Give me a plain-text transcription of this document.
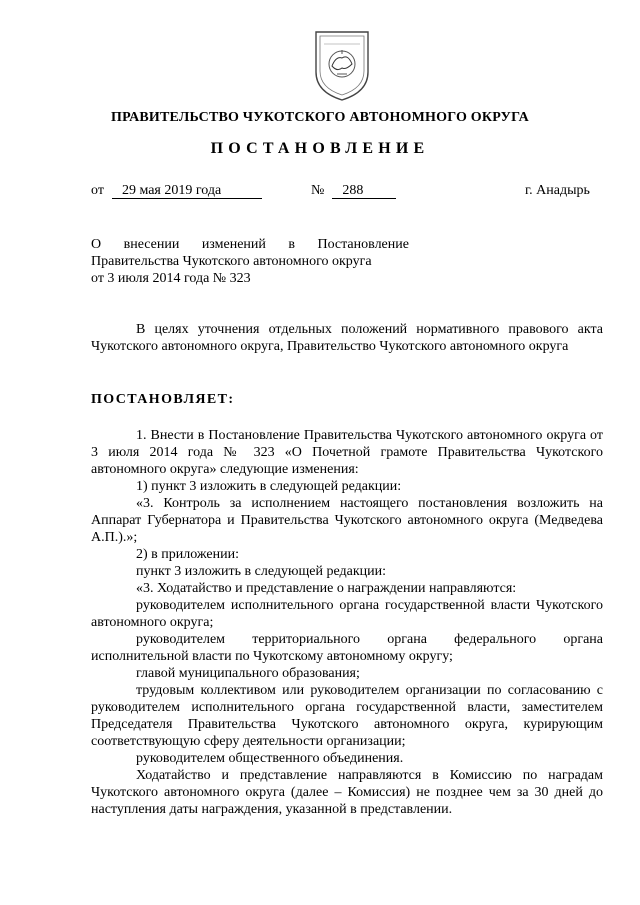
ПРАВИТЕЛЬСТВО ЧУКОТСКОГО АВТОНОМНОГО ОКРУГА
ПОСТАНОВЛЕНИЕ
от 29 мая 2019 года	№ 288	г. Анадырь
О внесении изменений в Постановление
Правительства Чукотского автономного округа
от 3 июля 2014 года № 323
В целях уточнения отдельных положений нормативного правового акта Чукотского автономного округа, Правительство Чукотского автономного округа
ПОСТАНОВЛЯЕТ:

1. Внести в Постановление Правительства Чукотского автономного округа от 3 июля 2014 года № 323 «О Почетной грамоте Правительства Чукотского автономного округа» следующие изменения:

1) пункт 3 изложить в следующей редакции:

«3. Контроль за исполнением настоящего постановления возложить на Аппарат Губернатора и Правительства Чукотского автономного округа (Медведева А.П.).»;

2) в приложении:

пункт 3 изложить в следующей редакции:

«3. Ходатайство и представление о награждении направляются:

руководителем исполнительного органа государственной власти Чукотского автономного округа;

руководителем территориального органа федерального органа исполнительной власти по Чукотскому автономному округу;

главой муниципального образования;

трудовым коллективом или руководителем организации по согласованию с руководителем исполнительного органа государственной власти, заместителем Председателя Правительства Чукотского автономного округа, курирующим соответствующую сферу деятельности организации;

руководителем общественного объединения.

Ходатайство и представление направляются в Комиссию по наградам Чукотского автономного округа (далее – Комиссия) не позднее чем за 30 дней до наступления даты награждения, указанной в представлении.
